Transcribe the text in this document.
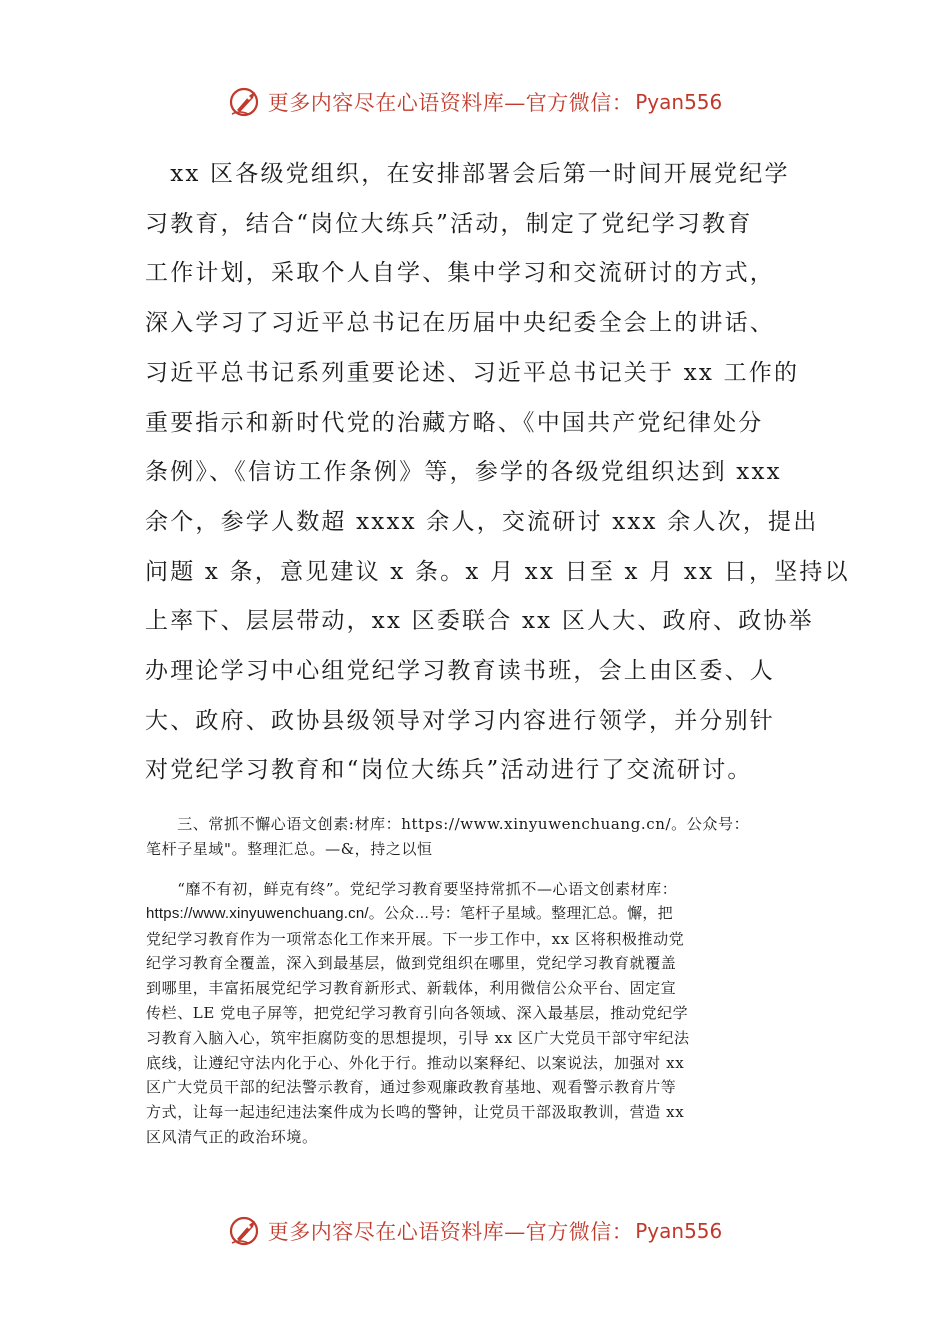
更多内容尽在心语资料库—官方微信： Pyan556

　xx 区各级党组织，在安排部署会后第一时间开展党纪学
习教育，结合“岗位大练兵”活动，制定了党纪学习教育
工作计划，采取个人自学、集中学习和交流研讨的方式，
深入学习了习近平总书记在历届中央纪委全会上的讲话、
习近平总书记系列重要论述、习近平总书记关于 xx 工作的
重要指示和新时代党的治藏方略、《中国共产党纪律处分
条例》、《信访工作条例》等，参学的各级党组织达到 xxx
余个，参学人数超 xxxx 余人，交流研讨 xxx 余人次，提出
问题 x 条，意见建议 x 条。x 月 xx 日至 x 月 xx 日，坚持以
上率下、层层带动，xx 区委联合 xx 区人大、政府、政协举
办理论学习中心组党纪学习教育读书班，会上由区委、人
大、政府、政协县级领导对学习内容进行领学，并分别针
对党纪学习教育和“岗位大练兵”活动进行了交流研讨。

　　三、常抓不懈心语文创素:材库：https://www.xinyuwenchuang.cn/。公众号：
笔杆子星域"。整理汇总。—&，持之以恒
　　“靡不有初，鲜克有终”。党纪学习教育要坚持常抓不—心语文创素材库：
https://www.xinyuwenchuang.cn/。公众…号：笔杆子星域。整理汇总。懈，把
党纪学习教育作为一项常态化工作来开展。下一步工作中，xx 区将积极推动党
纪学习教育全覆盖，深入到最基层，做到党组织在哪里，党纪学习教育就覆盖
到哪里，丰富拓展党纪学习教育新形式、新载体，利用微信公众平台、固定宣
传栏、LE 党电子屏等，把党纪学习教育引向各领域、深入最基层，推动党纪学
习教育入脑入心，筑牢拒腐防变的思想提坝，引导 xx 区广大党员干部守牢纪法
底线，让遵纪守法内化于心、外化于行。推动以案释纪、以案说法，加强对 xx
区广大党员干部的纪法警示教育，通过参观廉政教育基地、观看警示教育片等
方式，让每一起违纪违法案件成为长鸣的警钟，让党员干部汲取教训，营造 xx
区风清气正的政治环境。
更多内容尽在心语资料库—官方微信： Pyan556
